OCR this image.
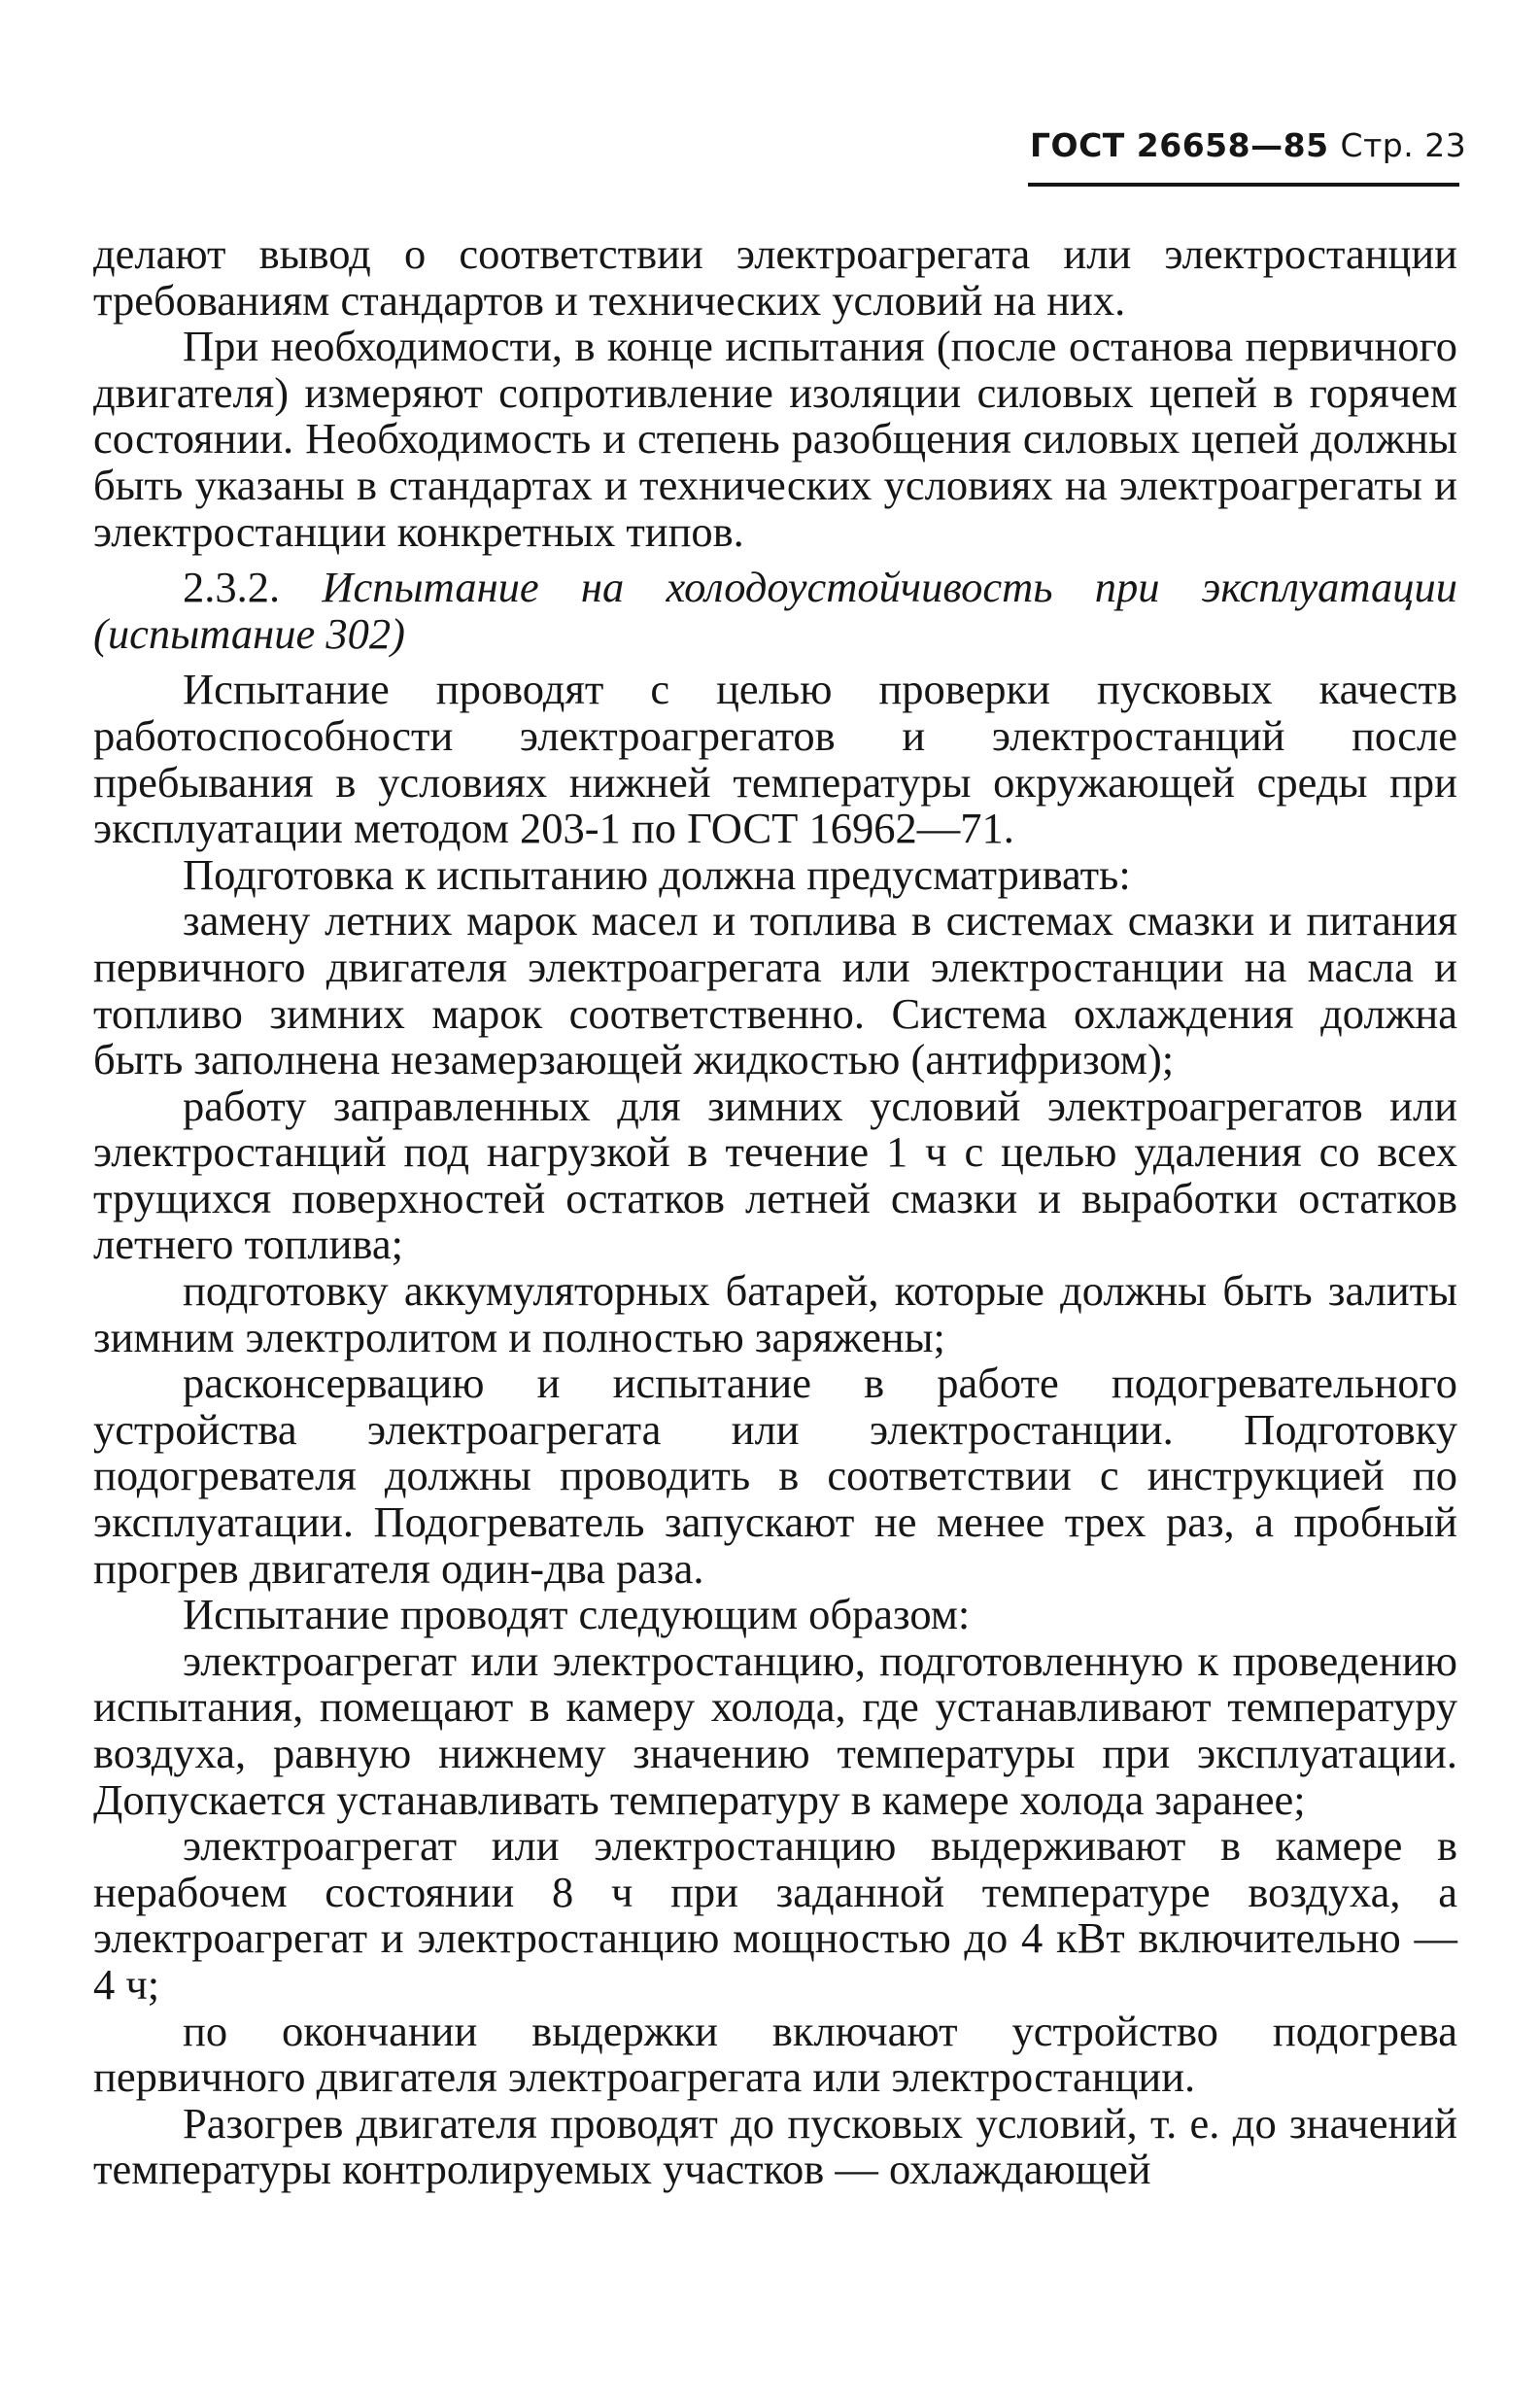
ГОСТ 26658—85 Стр. 23

делают вывод о соответствии электроагрегата или электростанции требованиям стандартов и технических условий на них.

При необходимости, в конце испытания (после останова первичного двигателя) измеряют сопротивление изоляции силовых цепей в горячем состоянии. Необходимость и степень разобщения силовых цепей должны быть указаны в стандартах и технических условиях на электроагрегаты и электростанции конкретных типов.

2.3.2. Испытание на холодоустойчивость при эксплуатации (испытание 302)

Испытание проводят с целью проверки пусковых качеств работоспособности электроагрегатов и электростанций после пребывания в условиях нижней температуры окружающей среды при эксплуатации методом 203-1 по ГОСТ 16962—71.

Подготовка к испытанию должна предусматривать:

замену летних марок масел и топлива в системах смазки и питания первичного двигателя электроагрегата или электростанции на масла и топливо зимних марок соответственно. Система охлаждения должна быть заполнена незамерзающей жидкостью (антифризом);

работу заправленных для зимних условий электроагрегатов или электростанций под нагрузкой в течение 1 ч с целью удаления со всех трущихся поверхностей остатков летней смазки и выработки остатков летнего топлива;

подготовку аккумуляторных батарей, которые должны быть залиты зимним электролитом и полностью заряжены;

расконсервацию и испытание в работе подогревательного устройства электроагрегата или электростанции. Подготовку подогревателя должны проводить в соответствии с инструкцией по эксплуатации. Подогреватель запускают не менее трех раз, а пробный прогрев двигателя один-два раза.

Испытание проводят следующим образом:

электроагрегат или электростанцию, подготовленную к проведению испытания, помещают в камеру холода, где устанавливают температуру воздуха, равную нижнему значению температуры при эксплуатации. Допускается устанавливать температуру в камере холода заранее;

электроагрегат или электростанцию выдерживают в камере в нерабочем состоянии 8 ч при заданной температуре воздуха, а электроагрегат и электростанцию мощностью до 4 кВт включительно — 4 ч;

по окончании выдержки включают устройство подогрева первичного двигателя электроагрегата или электростанции.

Разогрев двигателя проводят до пусковых условий, т. е. до значений температуры контролируемых участков — охлаждающей
